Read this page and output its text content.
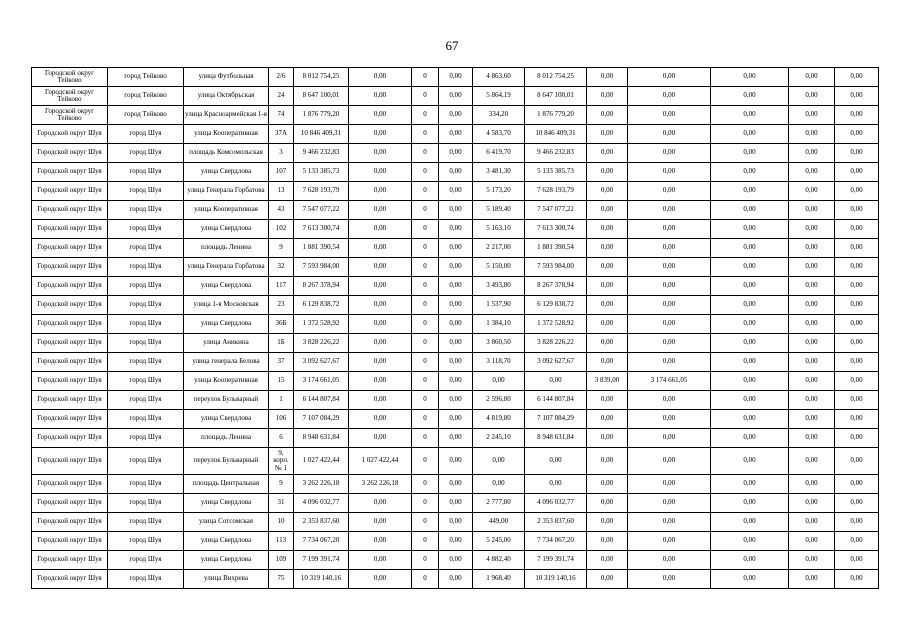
67
Городской округ Тейково	город Тейково	улица Футбольная	2/6	8 012 754,25	0,00	0	0,00	4 863,60	8 012 754,25	0,00	0,00	0,00	0,00	0,00
Городской округ Тейково	город Тейково	улица Октябрьская	24	8 647 100,01	0,00	0	0,00	5 864,19	8 647 100,01	0,00	0,00	0,00	0,00	0,00
Городской округ Тейково	город Тейково	улица Красноармейская 1-я	74	1 876 779,20	0,00	0	0,00	334,20	1 876 779,20	0,00	0,00	0,00	0,00	0,00
Городской округ Шуя	город Шуя	улица Кооперативная	37А	10 846 409,31	0,00	0	0,00	4 583,70	10 846 409,31	0,00	0,00	0,00	0,00	0,00
Городской округ Шуя	город Шуя	площадь Комсомольская	3	9 466 232,83	0,00	0	0,00	6 419,70	9 466 232,83	0,00	0,00	0,00	0,00	0,00
Городской округ Шуя	город Шуя	улица Свердлова	107	5 133 385,73	0,00	0	0,00	3 481,30	5 133 385,73	0,00	0,00	0,00	0,00	0,00
Городской округ Шуя	город Шуя	улица Генерала Горбатова	13	7 628 193,79	0,00	0	0,00	5 173,20	7 628 193,79	0,00	0,00	0,00	0,00	0,00
Городской округ Шуя	город Шуя	улица Кооперативная	43	7 547 077,22	0,00	0	0,00	5 189,40	7 547 077,22	0,00	0,00	0,00	0,00	0,00
Городской округ Шуя	город Шуя	улица Свердлова	102	7 613 300,74	0,00	0	0,00	5 163,10	7 613 300,74	0,00	0,00	0,00	0,00	0,00
Городской округ Шуя	город Шуя	площадь Ленина	9	1 881 390,54	0,00	0	0,00	2 217,00	1 881 390,54	0,00	0,00	0,00	0,00	0,00
Городской округ Шуя	город Шуя	улица Генерала Горбатова	32	7 593 984,00	0,00	0	0,00	5 150,00	7 593 984,00	0,00	0,00	0,00	0,00	0,00
Городской округ Шуя	город Шуя	улица Свердлова	117	8 267 378,94	0,00	0	0,00	3 493,80	8 267 378,94	0,00	0,00	0,00	0,00	0,00
Городской округ Шуя	город Шуя	улица 1-я Московская	23	6 129 838,72	0,00	0	0,00	1 537,90	6 129 838,72	0,00	0,00	0,00	0,00	0,00
Городской округ Шуя	город Шуя	улица Свердлова	36Б	1 372 528,92	0,00	0	0,00	1 384,10	1 372 528,92	0,00	0,00	0,00	0,00	0,00
Городской округ Шуя	город Шуя	улица Аникина	1Б	3 828 226,22	0,00	0	0,00	3 860,50	3 828 226,22	0,00	0,00	0,00	0,00	0,00
Городской округ Шуя	город Шуя	улица генерала Белова	37	3 092 627,67	0,00	0	0,00	3 118,70	3 092 627,67	0,00	0,00	0,00	0,00	0,00
Городской округ Шуя	город Шуя	улица Кооперативная	15	3 174 661,05	0,00	0	0,00	0,00	0,00	3 839,00	3 174 661,05	0,00	0,00	0,00
Городской округ Шуя	город Шуя	переулок Бульварный	1	6 144 807,84	0,00	0	0,00	2 596,80	6 144 807,84	0,00	0,00	0,00	0,00	0,00
Городской округ Шуя	город Шуя	улица Свердлова	106	7 107 084,29	0,00	0	0,00	4 819,80	7 107 084,29	0,00	0,00	0,00	0,00	0,00
Городской округ Шуя	город Шуя	площадь Ленина	6	8 948 631,84	0,00	0	0,00	2 245,10	8 948 631,84	0,00	0,00	0,00	0,00	0,00
Городской округ Шуя	город Шуя	переулок Бульварный	9, корп. № 1	1 027 422,44	1 027 422,44	0	0,00	0,00	0,00	0,00	0,00	0,00	0,00	0,00
Городской округ Шуя	город Шуя	площадь Центральная	9	3 262 226,18	3 262 226,18	0	0,00	0,00	0,00	0,00	0,00	0,00	0,00	0,00
Городской округ Шуя	город Шуя	улица Свердлова	31	4 096 032,77	0,00	0	0,00	2 777,80	4 096 032,77	0,00	0,00	0,00	0,00	0,00
Городской округ Шуя	город Шуя	улица Сотсомская	10	2 353 837,60	0,00	0	0,00	449,00	2 353 837,60	0,00	0,00	0,00	0,00	0,00
Городской округ Шуя	город Шуя	улица Свердлова	113	7 734 067,20	0,00	0	0,00	5 245,00	7 734 067,20	0,00	0,00	0,00	0,00	0,00
Городской округ Шуя	город Шуя	улица Свердлова	109	7 199 391,74	0,00	0	0,00	4 882,40	7 199 391,74	0,00	0,00	0,00	0,00	0,00
Городской округ Шуя	город Шуя	улица Вихрева	75	10 319 140,16	0,00	0	0,00	1 968,40	10 319 140,16	0,00	0,00	0,00	0,00	0,00
